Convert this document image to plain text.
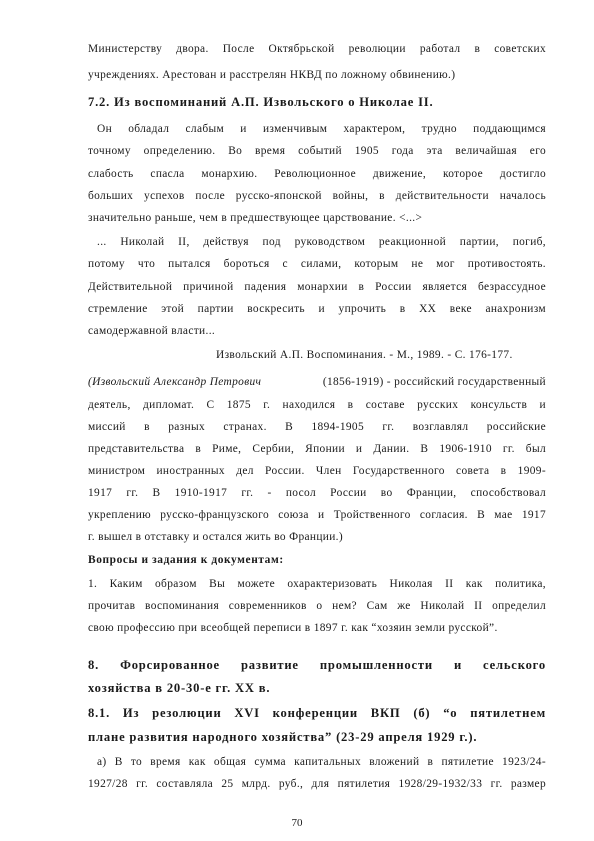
Министерству двора. После Октябрьской революции работал в советских
учреждениях. Арестован и расстрелян НКВД по ложному обвинению.)
7.2. Из воспоминаний А.П. Извольского о Николае II.
Он обладал слабым и изменчивым характером, трудно поддающимся
точному определению. Во время событий 1905 года эта величайшая его
слабость спасла монархию. Революционное движение, которое достигло
больших успехов после русско-японской войны, в действительности началось
значительно раньше, чем в предшествующее царствование. <...>
... Николай II, действуя под руководством реакционной партии, погиб,
потому что пытался бороться с силами, которым не мог противостоять.
Действительной причиной падения монархии в России является безрассудное
стремление этой партии воскресить и упрочить в XX веке анахронизм
самодержавной власти...
Извольский А.П. Воспоминания. - М., 1989. - С. 176-177.
(Извольский Александр Петрович	(1856-1919) - российский государственный
деятель, дипломат. С 1875 г. находился в составе русских консульств и
миссий в разных странах. В 1894-1905 гг. возглавлял российские
представительства в Риме, Сербии, Японии и Дании. В 1906-1910 гг. был
министром иностранных дел России. Член Государственного совета в 1909-
1917 гг. В 1910-1917 гг. - посол России во Франции, способствовал
укреплению русско-французского союза и Тройственного согласия. В мае 1917
г. вышел в отставку и остался жить во Франции.)
Вопросы и задания к документам:
1. Каким образом Вы можете охарактеризовать Николая II как политика,
прочитав воспоминания современников о нем? Сам же Николай II определил
свою профессию при всеобщей переписи в 1897 г. как “хозяин земли русской”.
8. Форсированное развитие промышленности и сельского
хозяйства в 20-30-е гг. XX в.
8.1. Из резолюции XVI конференции ВКП (б) “о пятилетнем
плане развития народного хозяйства” (23-29 апреля 1929 г.).
а) В то время как общая сумма капитальных вложений в пятилетие 1923/24-
1927/28 гг. составляла 25 млрд. руб., для пятилетия 1928/29-1932/33 гг. размер
70
